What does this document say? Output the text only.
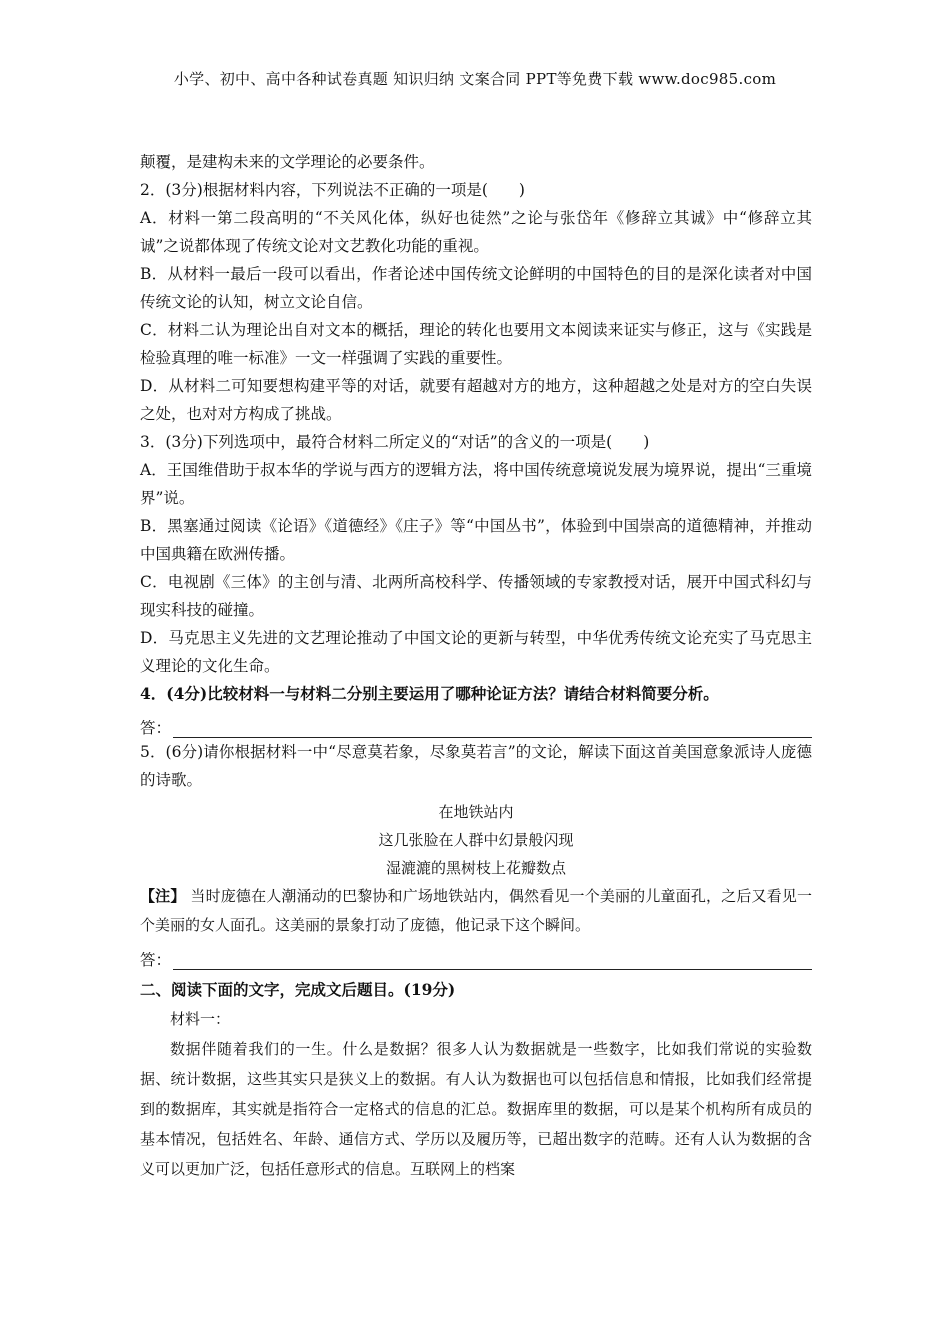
小学、初中、高中各种试卷真题 知识归纳 文案合同 PPT等免费下载 www.doc985.com

颠覆，是建构未来的文学理论的必要条件。

2．(3分)根据材料内容，下列说法不正确的一项是(　　)

A．材料一第二段高明的“不关风化体，纵好也徒然”之论与张岱年《修辞立其诚》中“修辞立其诚”之说都体现了传统文论对文艺教化功能的重视。

B．从材料一最后一段可以看出，作者论述中国传统文论鲜明的中国特色的目的是深化读者对中国传统文论的认知，树立文论自信。

C．材料二认为理论出自对文本的概括，理论的转化也要用文本阅读来证实与修正，这与《实践是检验真理的唯一标准》一文一样强调了实践的重要性。

D．从材料二可知要想构建平等的对话，就要有超越对方的地方，这种超越之处是对方的空白失误之处，也对对方构成了挑战。

3．(3分)下列选项中，最符合材料二所定义的“对话”的含义的一项是(　　)

A．王国维借助于叔本华的学说与西方的逻辑方法，将中国传统意境说发展为境界说，提出“三重境界”说。

B．黑塞通过阅读《论语》《道德经》《庄子》等“中国丛书”，体验到中国崇高的道德精神，并推动中国典籍在欧洲传播。

C．电视剧《三体》的主创与清、北两所高校科学、传播领域的专家教授对话，展开中国式科幻与现实科技的碰撞。

D．马克思主义先进的文艺理论推动了中国文论的更新与转型，中华优秀传统文论充实了马克思主义理论的文化生命。

4．(4分)比较材料一与材料二分别主要运用了哪种论证方法？请结合材料简要分析。

答：

5．(6分)请你根据材料一中“尽意莫若象，尽象莫若言”的文论，解读下面这首美国意象派诗人庞德的诗歌。

在地铁站内
这几张脸在人群中幻景般闪现
湿漉漉的黑树枝上花瓣数点

【注】 当时庞德在人潮涌动的巴黎协和广场地铁站内，偶然看见一个美丽的儿童面孔，之后又看见一个美丽的女人面孔。这美丽的景象打动了庞德，他记录下这个瞬间。

答：

二、阅读下面的文字，完成文后题目。(19分)

材料一：

数据伴随着我们的一生。什么是数据？很多人认为数据就是一些数字，比如我们常说的实验数据、统计数据，这些其实只是狭义上的数据。有人认为数据也可以包括信息和情报，比如我们经常提到的数据库，其实就是指符合一定格式的信息的汇总。数据库里的数据，可以是某个机构所有成员的基本情况，包括姓名、年龄、通信方式、学历以及履历等，已超出数字的范畴。还有人认为数据的含义可以更加广泛，包括任意形式的信息。互联网上的档案
